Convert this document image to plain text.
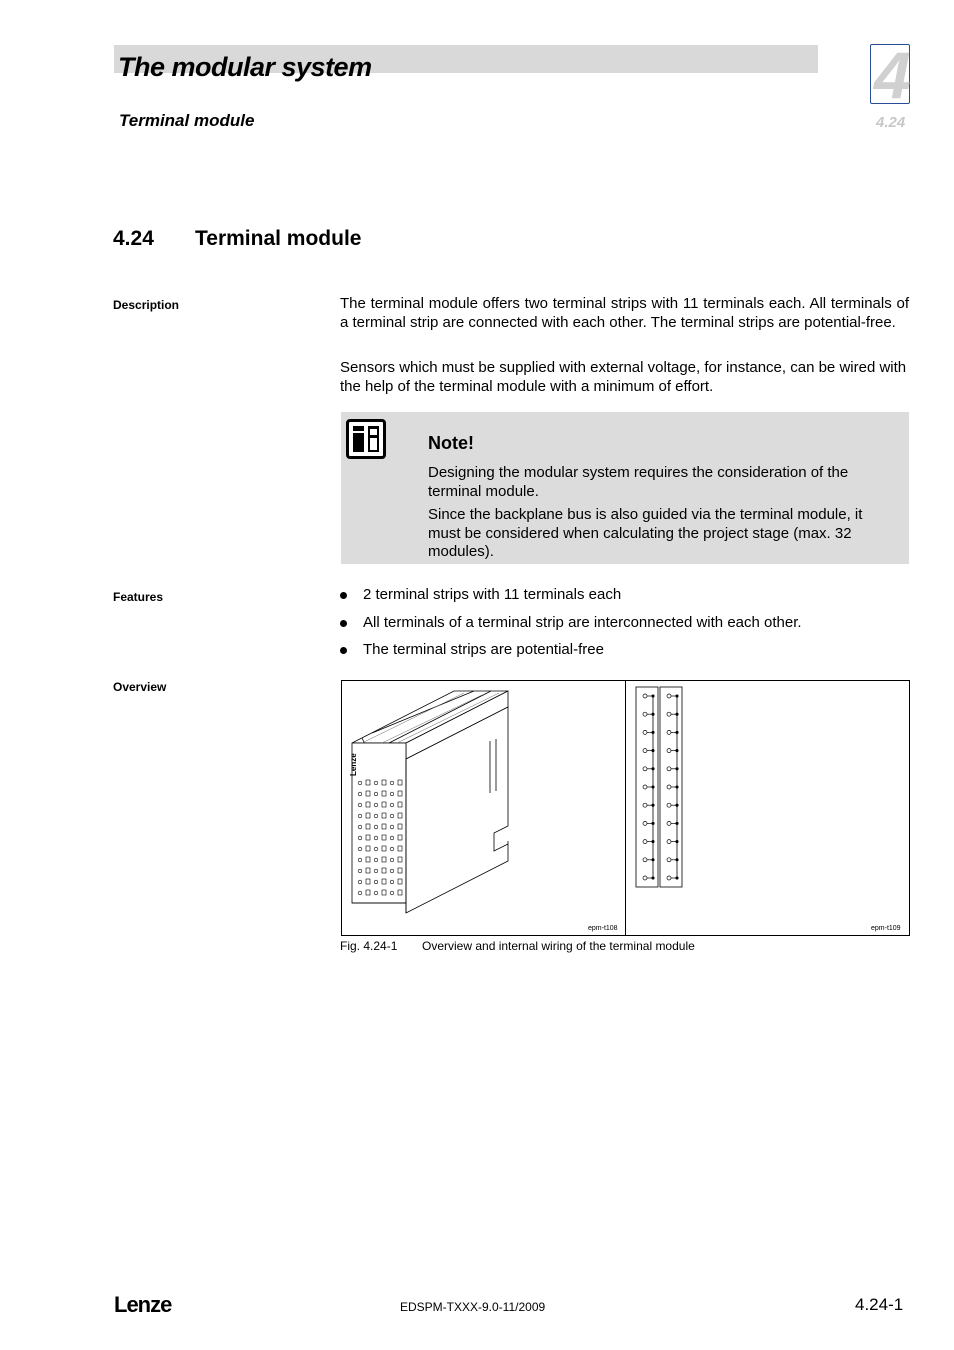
The modular system
Terminal module
4
4.24
4.24 Terminal module
Description
Features
Overview

The terminal module offers two terminal strips with 11 terminals each. All terminals of a terminal strip are connected with each other. The terminal strips are potential-free.

Sensors which must be supplied with external voltage, for instance, can be wired with the help of the terminal module with a minimum of effort.

Note!
Designing the modular system requires the consideration of the terminal module.
Since the backplane bus is also guided via the terminal module, it must be considered when calculating the project stage (max. 32 modules).
2 terminal strips with 11 terminals each
All terminals of a terminal strip are interconnected with each other.
The terminal strips are potential-free
Lenze
epm-t108	epm-t109
Fig. 4.24-1 Overview and internal wiring of the terminal module
Lenze	EDSPM-TXXX-9.0-11/2009	4.24-1
